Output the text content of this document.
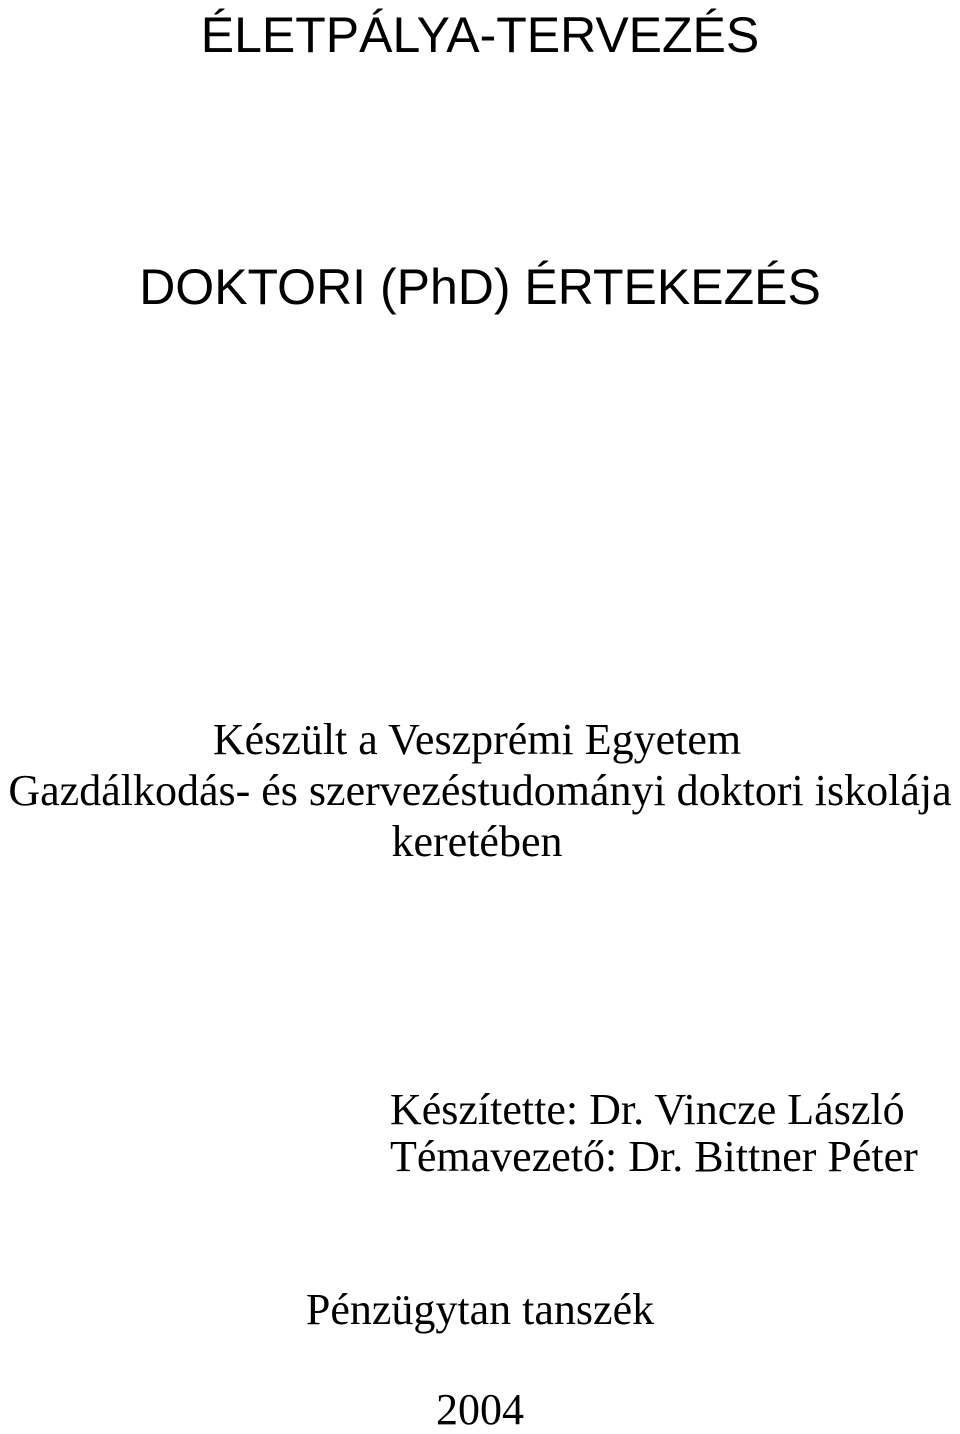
ÉLETPÁLYA-TERVEZÉS
DOKTORI (PhD) ÉRTEKEZÉS
Készült a Veszprémi Egyetem
Gazdálkodás- és szervezéstudományi doktori iskolája
keretében
Készítette: Dr. Vincze László
Témavezető: Dr. Bittner Péter
Pénzügytan tanszék
2004
